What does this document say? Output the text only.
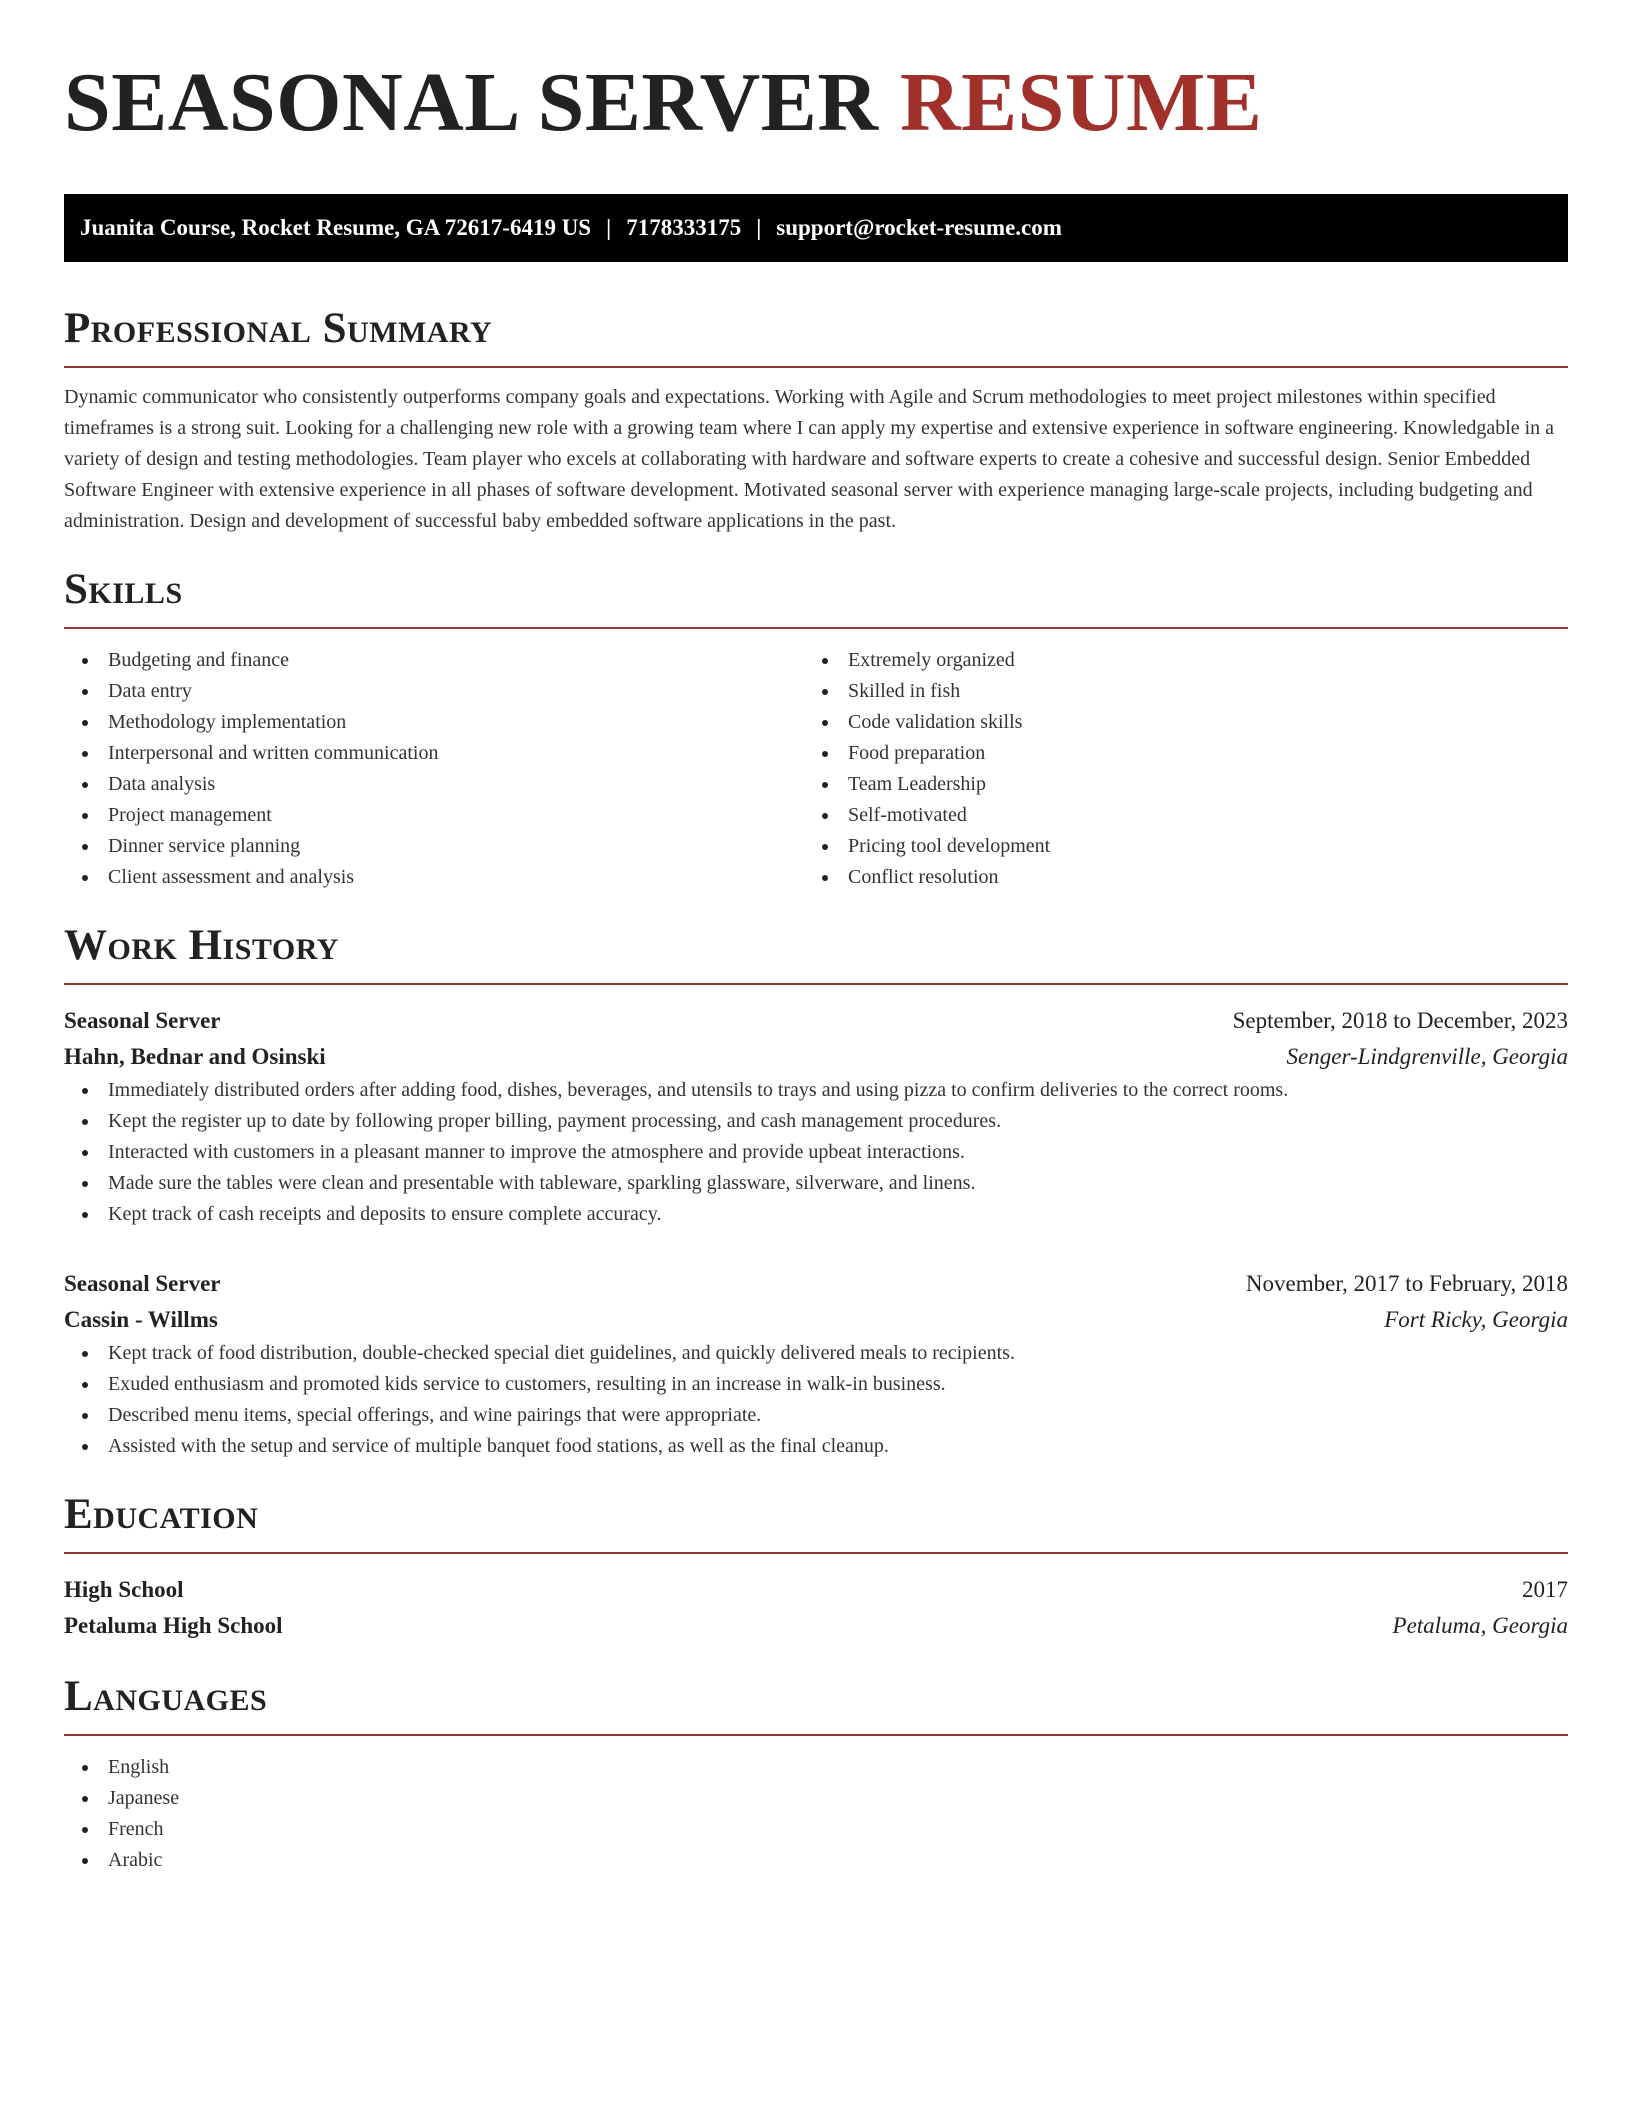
SEASONAL SERVER RESUME
Juanita Course, Rocket Resume, GA 72617-6419 US | 7178333175 | support@rocket-resume.com
Professional Summary

Dynamic communicator who consistently outperforms company goals and expectations. Working with Agile and Scrum methodologies to meet project milestones within specified timeframes is a strong suit. Looking for a challenging new role with a growing team where I can apply my expertise and extensive experience in software engineering. Knowledgable in a variety of design and testing methodologies. Team player who excels at collaborating with hardware and software experts to create a cohesive and successful design. Senior Embedded Software Engineer with extensive experience in all phases of software development. Motivated seasonal server with experience managing large-scale projects, including budgeting and administration. Design and development of successful baby embedded software applications in the past.

Skills
Budgeting and finance
Data entry
Methodology implementation
Interpersonal and written communication
Data analysis
Project management
Dinner service planning
Client assessment and analysis
Extremely organized
Skilled in fish
Code validation skills
Food preparation
Team Leadership
Self-motivated
Pricing tool development
Conflict resolution
Work History
Seasonal Server	September, 2018 to December, 2023
Hahn, Bednar and Osinski	Senger-Lindgrenville, Georgia
Immediately distributed orders after adding food, dishes, beverages, and utensils to trays and using pizza to confirm deliveries to the correct rooms.
Kept the register up to date by following proper billing, payment processing, and cash management procedures.
Interacted with customers in a pleasant manner to improve the atmosphere and provide upbeat interactions.
Made sure the tables were clean and presentable with tableware, sparkling glassware, silverware, and linens.
Kept track of cash receipts and deposits to ensure complete accuracy.
Seasonal Server	November, 2017 to February, 2018
Cassin - Willms	Fort Ricky, Georgia
Kept track of food distribution, double-checked special diet guidelines, and quickly delivered meals to recipients.
Exuded enthusiasm and promoted kids service to customers, resulting in an increase in walk-in business.
Described menu items, special offerings, and wine pairings that were appropriate.
Assisted with the setup and service of multiple banquet food stations, as well as the final cleanup.
Education
High School	2017
Petaluma High School	Petaluma, Georgia
Languages
English
Japanese
French
Arabic
